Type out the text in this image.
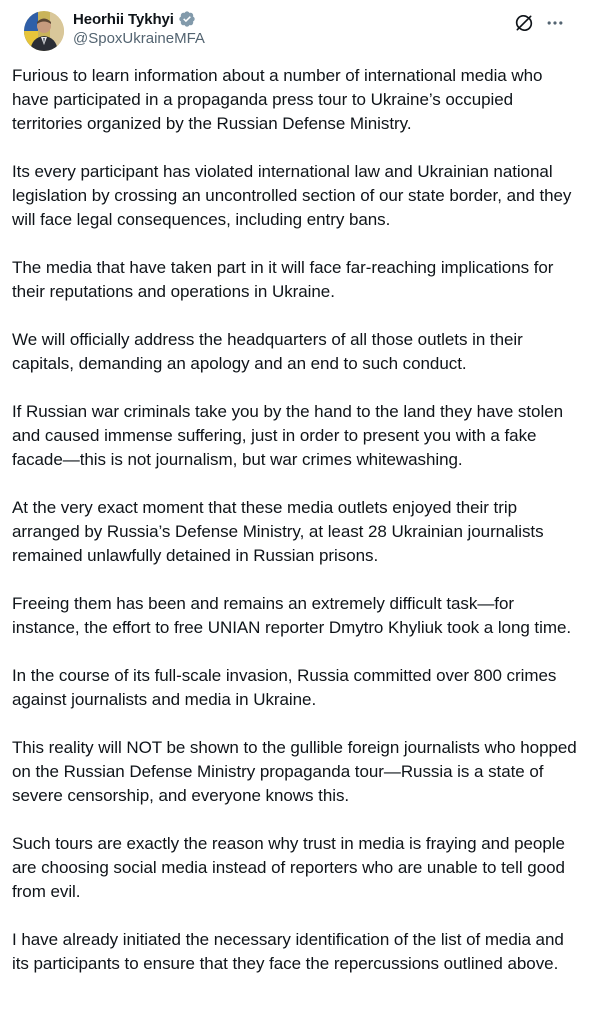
Heorhii Tykhyi
@SpoxUkraineMFA

Furious to learn information about a number of international media who have participated in a propaganda press tour to Ukraine’s occupied territories organized by the Russian Defense Ministry.

Its every participant has violated international law and Ukrainian national legislation by crossing an uncontrolled section of our state border, and they will face legal consequences, including entry bans.

The media that have taken part in it will face far-reaching implications for their reputations and operations in Ukraine.

We will officially address the headquarters of all those outlets in their capitals, demanding an apology and an end to such conduct.

If Russian war criminals take you by the hand to the land they have stolen and caused immense suffering, just in order to present you with a fake facade—this is not journalism, but war crimes whitewashing.

At the very exact moment that these media outlets enjoyed their trip arranged by Russia’s Defense Ministry, at least 28 Ukrainian journalists remained unlawfully detained in Russian prisons.

Freeing them has been and remains an extremely difficult task—for instance, the effort to free UNIAN reporter Dmytro Khyliuk took a long time.

In the course of its full-scale invasion, Russia committed over 800 crimes against journalists and media in Ukraine.

This reality will NOT be shown to the gullible foreign journalists who hopped on the Russian Defense Ministry propaganda tour—Russia is a state of severe censorship, and everyone knows this.

Such tours are exactly the reason why trust in media is fraying and people are choosing social media instead of reporters who are unable to tell good from evil.

I have already initiated the necessary identification of the list of media and its participants to ensure that they face the repercussions outlined above.
